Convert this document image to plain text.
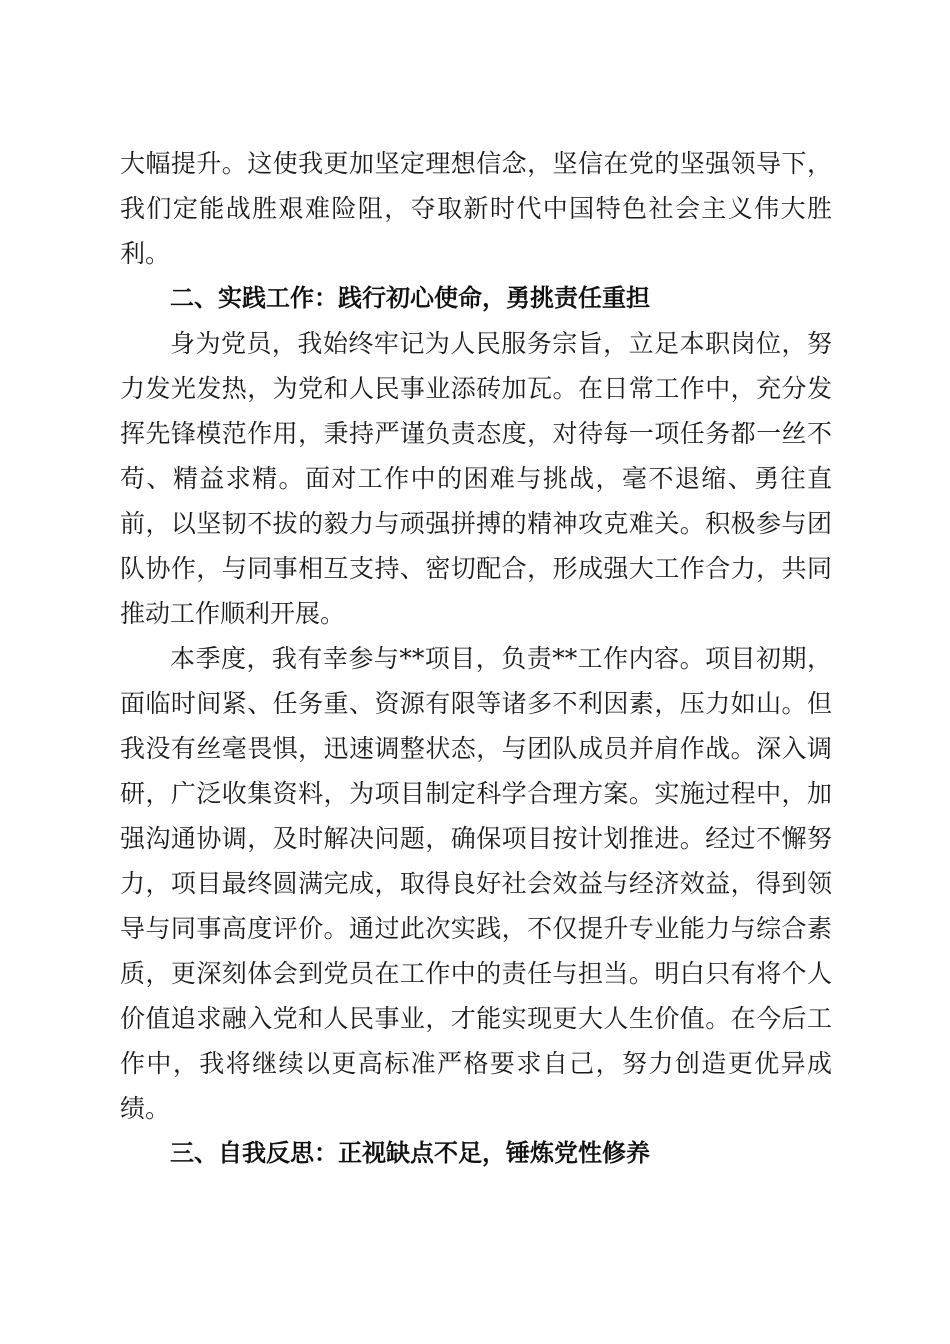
大幅提升。这使我更加坚定理想信念，坚信在党的坚强领导下，我们定能战胜艰难险阻，夺取新时代中国特色社会主义伟大胜利。

二、实践工作：践行初心使命，勇挑责任重担

身为党员，我始终牢记为人民服务宗旨，立足本职岗位，努力发光发热，为党和人民事业添砖加瓦。在日常工作中，充分发挥先锋模范作用，秉持严谨负责态度，对待每一项任务都一丝不苟、精益求精。面对工作中的困难与挑战，毫不退缩、勇往直前，以坚韧不拔的毅力与顽强拼搏的精神攻克难关。积极参与团队协作，与同事相互支持、密切配合，形成强大工作合力，共同推动工作顺利开展。

本季度，我有幸参与**项目，负责**工作内容。项目初期，面临时间紧、任务重、资源有限等诸多不利因素，压力如山。但我没有丝毫畏惧，迅速调整状态，与团队成员并肩作战。深入调研，广泛收集资料，为项目制定科学合理方案。实施过程中，加强沟通协调，及时解决问题，确保项目按计划推进。经过不懈努力，项目最终圆满完成，取得良好社会效益与经济效益，得到领导与同事高度评价。通过此次实践，不仅提升专业能力与综合素质，更深刻体会到党员在工作中的责任与担当。明白只有将个人价值追求融入党和人民事业，才能实现更大人生价值。在今后工作中，我将继续以更高标准严格要求自己，努力创造更优异成绩。

三、自我反思：正视缺点不足，锤炼党性修养
